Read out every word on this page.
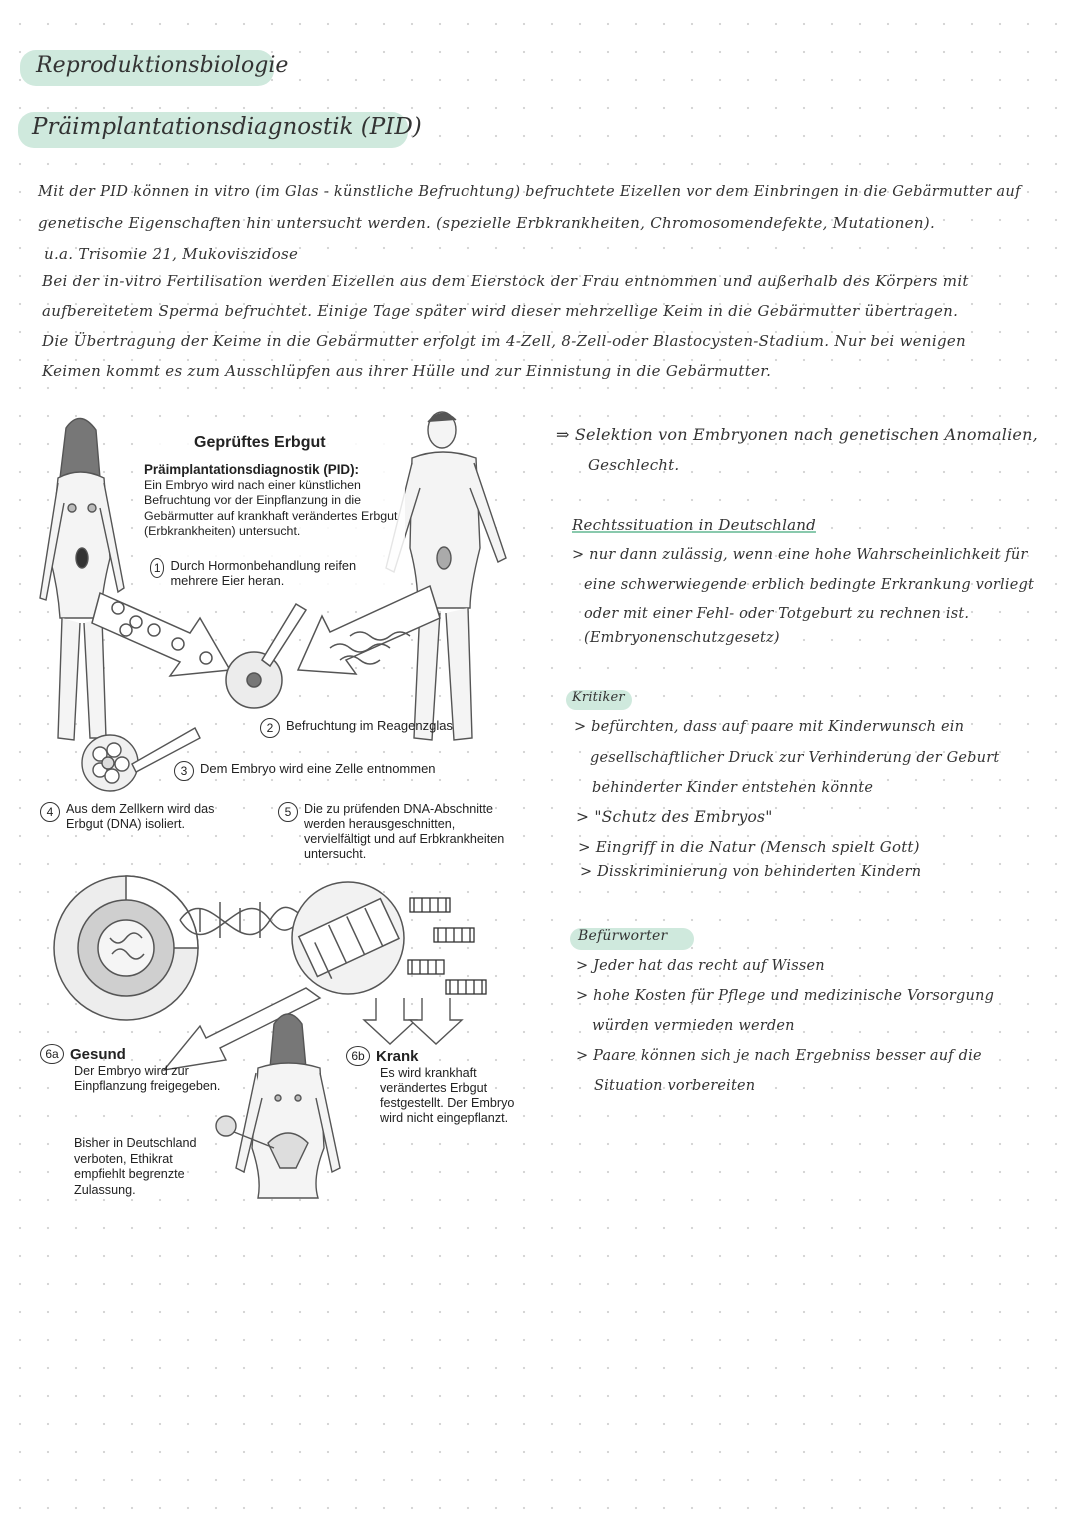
Reproduktionsbiologie
Präimplantationsdiagnostik (PID)
Mit der PID können in vitro (im Glas - künstliche Befruchtung) befruchtete Eizellen vor dem Einbringen in die Gebärmutter auf
genetische Eigenschaften hin untersucht werden. (spezielle Erbkrankheiten, Chromosomendefekte, Mutationen).
u.a. Trisomie 21, Mukoviszidose
Bei der in-vitro Fertilisation werden Eizellen aus dem Eierstock der Frau entnommen und außerhalb des Körpers mit
aufbereitetem Sperma befruchtet. Einige Tage später wird dieser mehrzellige Keim in die Gebärmutter übertragen.
Die Übertragung der Keime in die Gebärmutter erfolgt im 4-Zell, 8-Zell-oder Blastocysten-Stadium. Nur bei wenigen
Keimen kommt es zum Ausschlüpfen aus ihrer Hülle und zur Einnistung in die Gebärmutter.
Geprüftes Erbgut
Präimplantationsdiagnostik (PID):
Ein Embryo wird nach einer künstlichen Befruchtung vor der Einpflanzung in die Gebärmutter auf krankhaft verändertes Erbgut (Erbkrankheiten) untersucht.
1 Durch Hormonbehandlung reifen mehrere Eier heran.
2 Befruchtung im Reagenzglas
3 Dem Embryo wird eine Zelle entnommen
4	Aus dem Zellkern wird das Erbgut (DNA) isoliert.
5	Die zu prüfenden DNA-Abschnitte werden herausgeschnitten, vervielfältigt und auf Erbkrankheiten untersucht.
6a Gesund
Der Embryo wird zur Einpflanzung freigegeben.
6b Krank
Es wird krankhaft verändertes Erbgut festgestellt. Der Embryo wird nicht eingepflanzt.
Bisher in Deutschland verboten, Ethikrat empfiehlt begrenzte Zulassung.
⇒ Selektion von Embryonen nach genetischen Anomalien,
Geschlecht.
Rechtssituation in Deutschland
> nur dann zulässig, wenn eine hohe Wahrscheinlichkeit für
eine schwerwiegende erblich bedingte Erkrankung vorliegt
oder mit einer Fehl- oder Totgeburt zu rechnen ist.
(Embryonenschutzgesetz)
Kritiker
> befürchten, dass auf paare mit Kinderwunsch ein
gesellschaftlicher Druck zur Verhinderung der Geburt
behinderter Kinder entstehen könnte
> "Schutz des Embryos"
> Eingriff in die Natur (Mensch spielt Gott)
> Disskriminierung von behinderten Kindern
Befürworter
> Jeder hat das recht auf Wissen
> hohe Kosten für Pflege und medizinische Vorsorgung
würden vermieden werden
> Paare können sich je nach Ergebniss besser auf die
Situation vorbereiten
